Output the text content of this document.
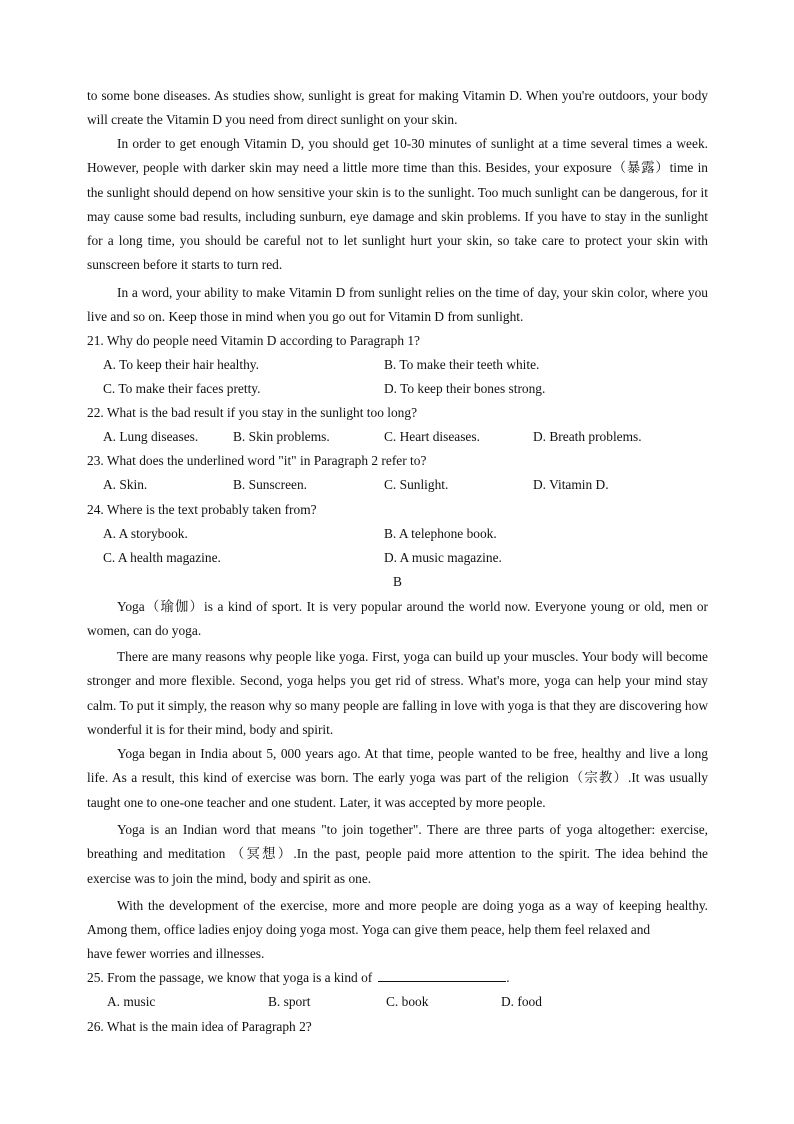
to some bone diseases. As studies show, sunlight is great for making Vitamin D. When you're outdoors, your body will create the Vitamin D you need from direct sunlight on your skin.

In order to get enough Vitamin D, you should get 10-30 minutes of sunlight at a time several times a week. However, people with darker skin may need a little more time than this. Besides, your exposure（暴露）time in the sunlight should depend on how sensitive your skin is to the sunlight. Too much sunlight can be dangerous, for it may cause some bad results, including sunburn, eye damage and skin problems. If you have to stay in the sunlight for a long time, you should be careful not to let sunlight hurt your skin, so take care to protect your skin with sunscreen before it starts to turn red.

In a word, your ability to make Vitamin D from sunlight relies on the time of day, your skin color, where you live and so on. Keep those in mind when you go out for Vitamin D from sunlight.

21. Why do people need Vitamin D according to Paragraph 1?
A. To keep their hair healthy.	B. To make their teeth white.
C. To make their faces pretty.	D. To keep their bones strong.
22. What is the bad result if you stay in the sunlight too long?
A. Lung diseases.	B. Skin problems.	C. Heart diseases.	D. Breath problems.
23. What does the underlined word "it" in Paragraph 2 refer to?
A. Skin.	B. Sunscreen.	C. Sunlight.	D. Vitamin D.
24. Where is the text probably taken from?
A. A storybook.	B. A telephone book.
C. A health magazine.	D. A music magazine.
B

Yoga（瑜伽）is a kind of sport. It is very popular around the world now. Everyone young or old, men or women, can do yoga.

There are many reasons why people like yoga. First, yoga can build up your muscles. Your body will become stronger and more flexible. Second, yoga helps you get rid of stress. What's more, yoga can help your mind stay calm. To put it simply, the reason why so many people are falling in love with yoga is that they are discovering how wonderful it is for their mind, body and spirit.

Yoga began in India about 5, 000 years ago. At that time, people wanted to be free, healthy and live a long life. As a result, this kind of exercise was born. The early yoga was part of the religion（宗教）.It was usually taught one to one-one teacher and one student. Later, it was accepted by more people.

Yoga is an Indian word that means "to join together". There are three parts of yoga altogether: exercise, breathing and meditation （冥想）.In the past, people paid more attention to the spirit. The idea behind the exercise was to join the mind, body and spirit as one.

With the development of the exercise, more and more people are doing yoga as a way of keeping healthy. Among them, office ladies enjoy doing yoga most. Yoga can give them peace, help them feel relaxed and

have fewer worries and illnesses.
25. From the passage, we know that yoga is a kind of	.
A. music	B. sport	C. book	D. food
26. What is the main idea of Paragraph 2?
